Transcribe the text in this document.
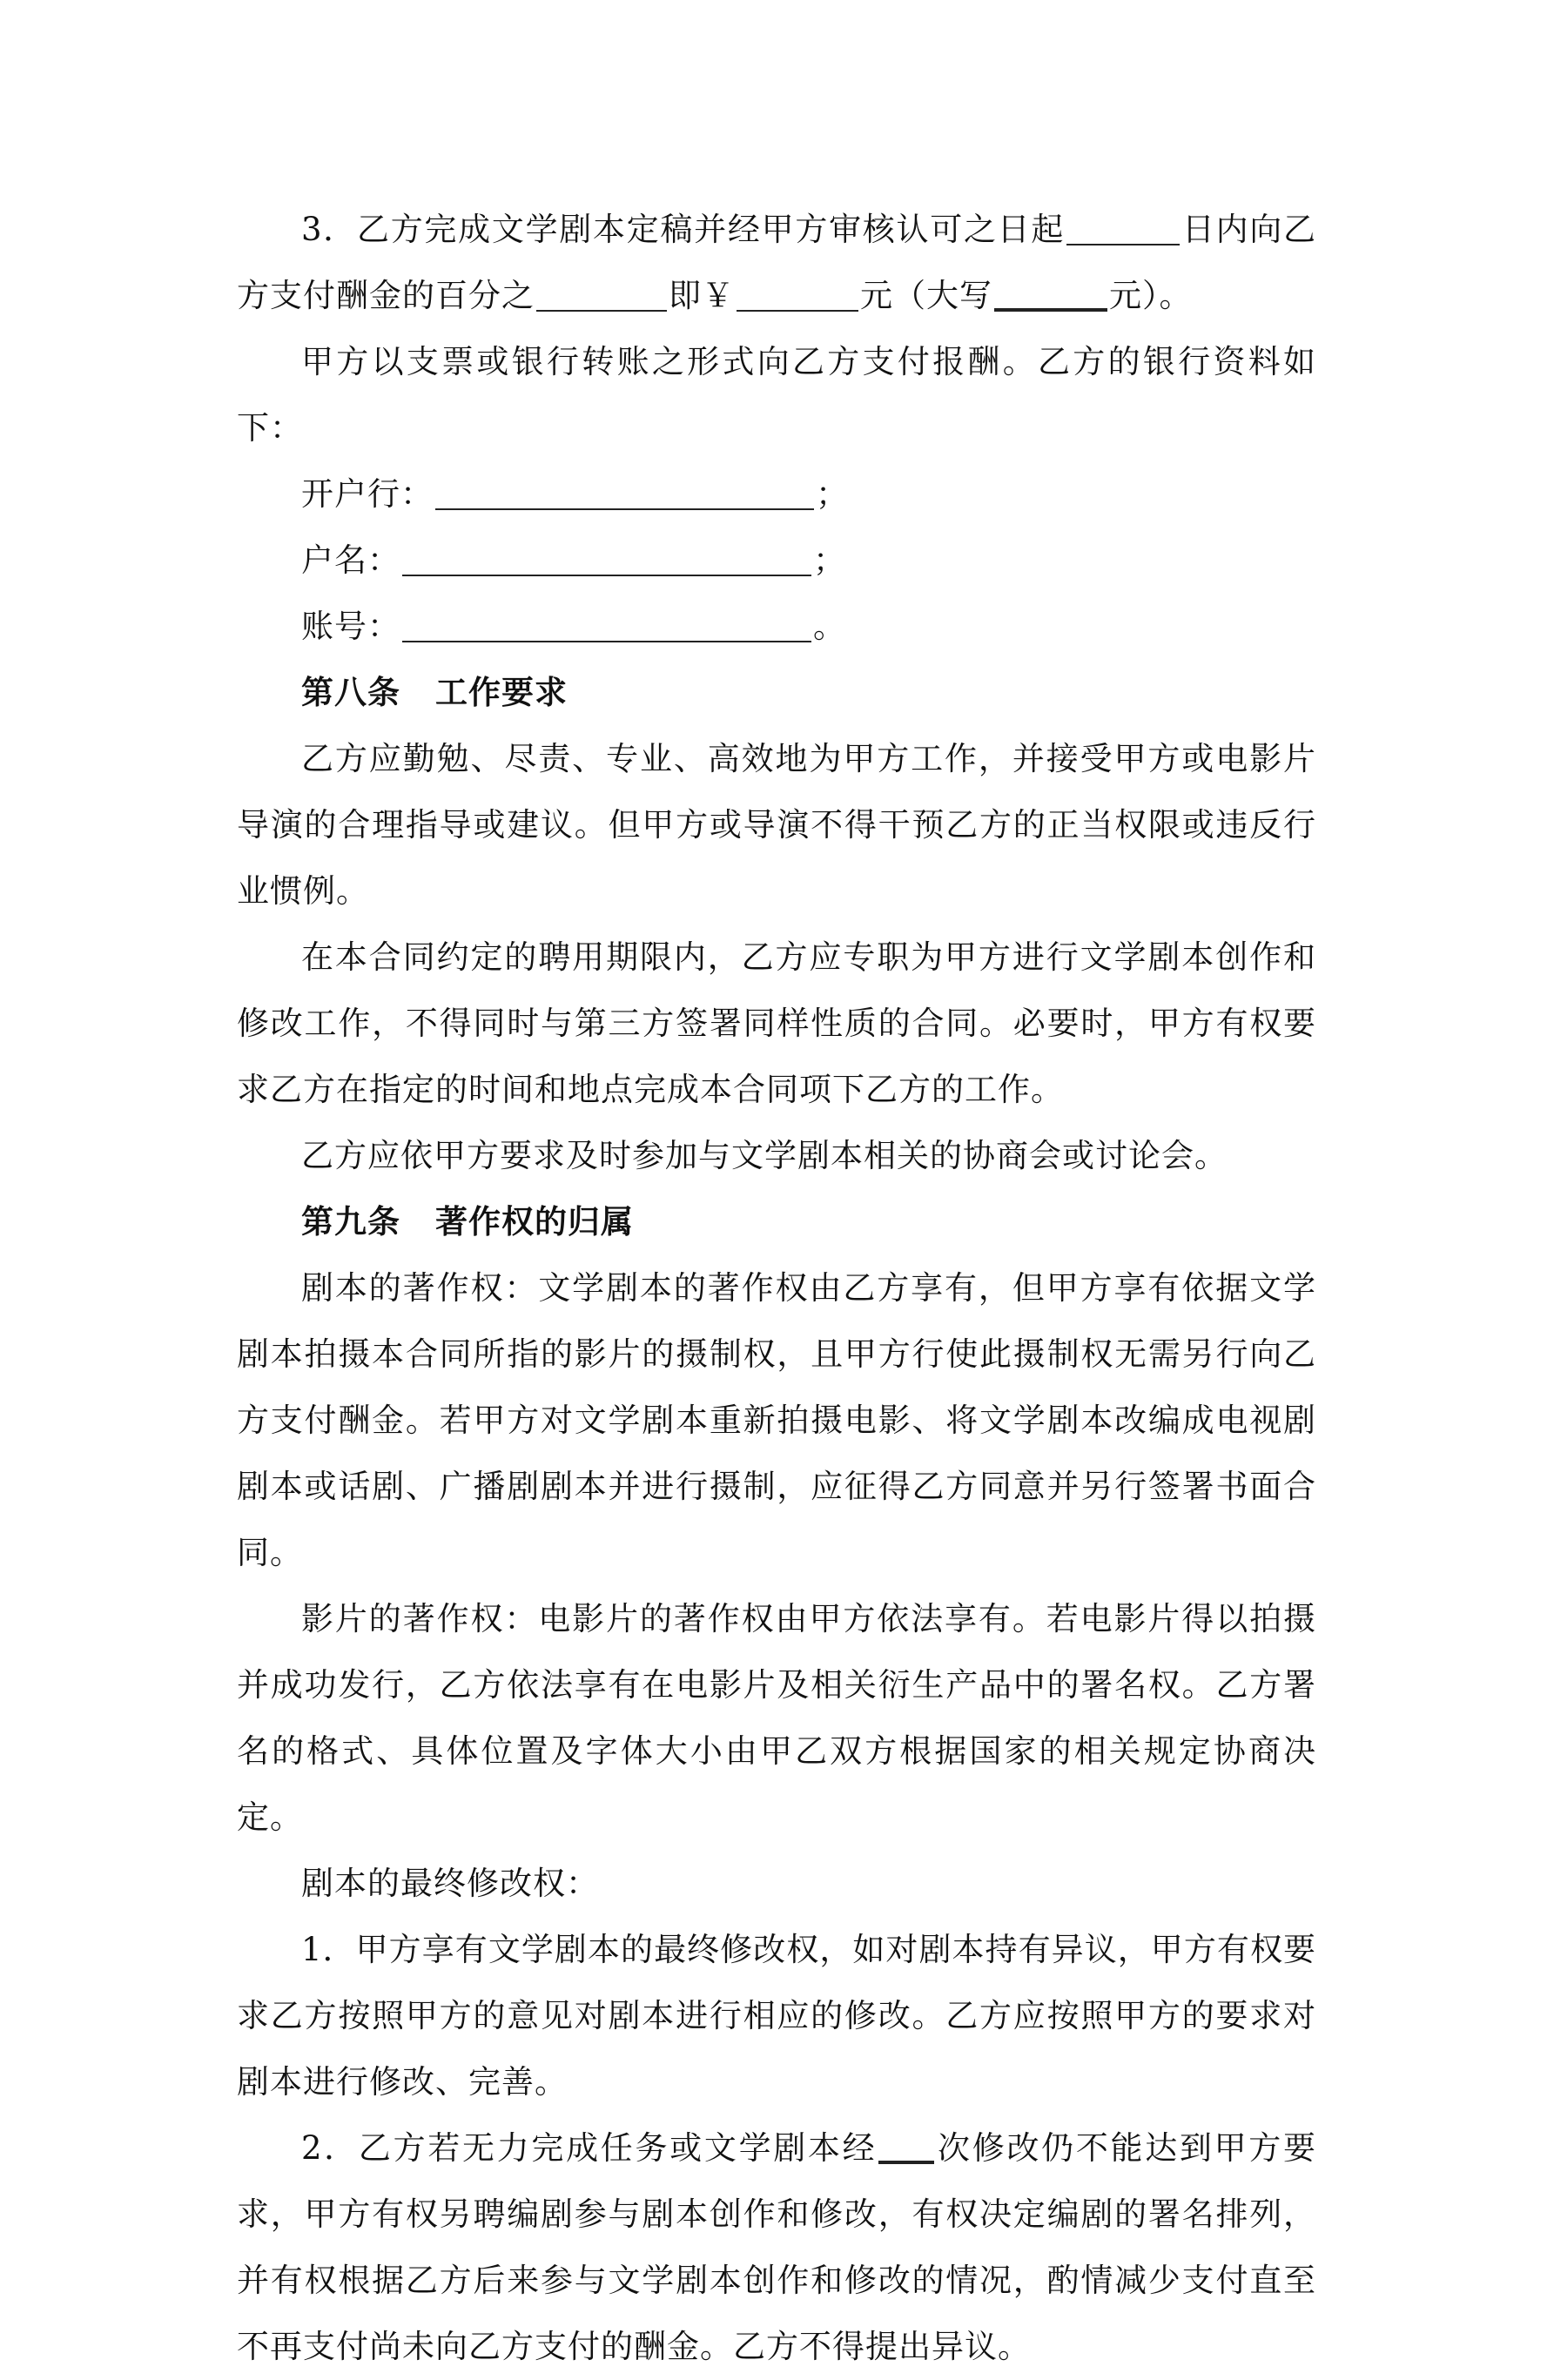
3．乙方完成文学剧本定稿并经甲方审核认可之日起	日内向乙方支付酬金的百分之	即￥	元（大写	元）。

甲方以支票或银行转账之形式向乙方支付报酬。乙方的银行资料如下：

开户行：	；

户名：	；

账号：	。

第八条 工作要求

乙方应勤勉、尽责、专业、高效地为甲方工作，并接受甲方或电影片导演的合理指导或建议。但甲方或导演不得干预乙方的正当权限或违反行业惯例。

在本合同约定的聘用期限内，乙方应专职为甲方进行文学剧本创作和修改工作，不得同时与第三方签署同样性质的合同。必要时，甲方有权要求乙方在指定的时间和地点完成本合同项下乙方的工作。

乙方应依甲方要求及时参加与文学剧本相关的协商会或讨论会。

第九条 著作权的归属

剧本的著作权：文学剧本的著作权由乙方享有，但甲方享有依据文学剧本拍摄本合同所指的影片的摄制权，且甲方行使此摄制权无需另行向乙方支付酬金。若甲方对文学剧本重新拍摄电影、将文学剧本改编成电视剧剧本或话剧、广播剧剧本并进行摄制，应征得乙方同意并另行签署书面合同。

影片的著作权：电影片的著作权由甲方依法享有。若电影片得以拍摄并成功发行，乙方依法享有在电影片及相关衍生产品中的署名权。乙方署名的格式、具体位置及字体大小由甲乙双方根据国家的相关规定协商决定。

剧本的最终修改权：

1．甲方享有文学剧本的最终修改权，如对剧本持有异议，甲方有权要求乙方按照甲方的意见对剧本进行相应的修改。乙方应按照甲方的要求对剧本进行修改、完善。

2．乙方若无力完成任务或文学剧本经 次修改仍不能达到甲方要求，甲方有权另聘编剧参与剧本创作和修改，有权决定编剧的署名排列，并有权根据乙方后来参与文学剧本创作和修改的情况，酌情减少支付直至不再支付尚未向乙方支付的酬金。乙方不得提出异议。
